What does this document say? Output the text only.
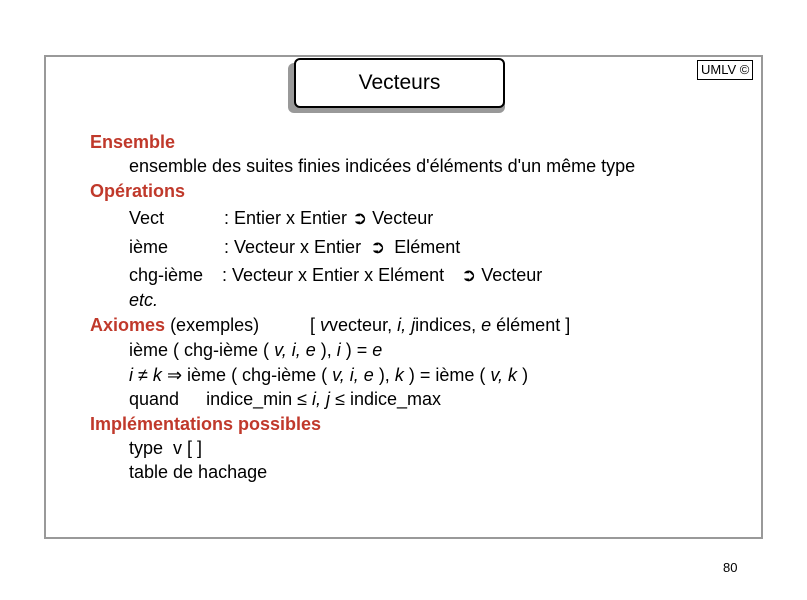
Vecteurs
UMLV ©
Ensemble
ensemble des suites finies indicées d'éléments d'un même type
Opérations
Vect	: Entier x Entier ➲ Vecteur
ième	: Vecteur x Entier ➲ Elément
chg-ième : Vecteur x Entier x Elément ➲ Vecteur
etc.
Axiomes (exemples)	[ vvecteur, i, jindices, e élément ]
ième ( chg-ième ( v, i, e ), i ) = e
i ≠ k ⇒ ième ( chg-ième ( v, i, e ), k ) = ième ( v, k )
quand indice_min ≤ i, j ≤ indice_max
Implémentations possibles
type  v [ ]
table de hachage
80
